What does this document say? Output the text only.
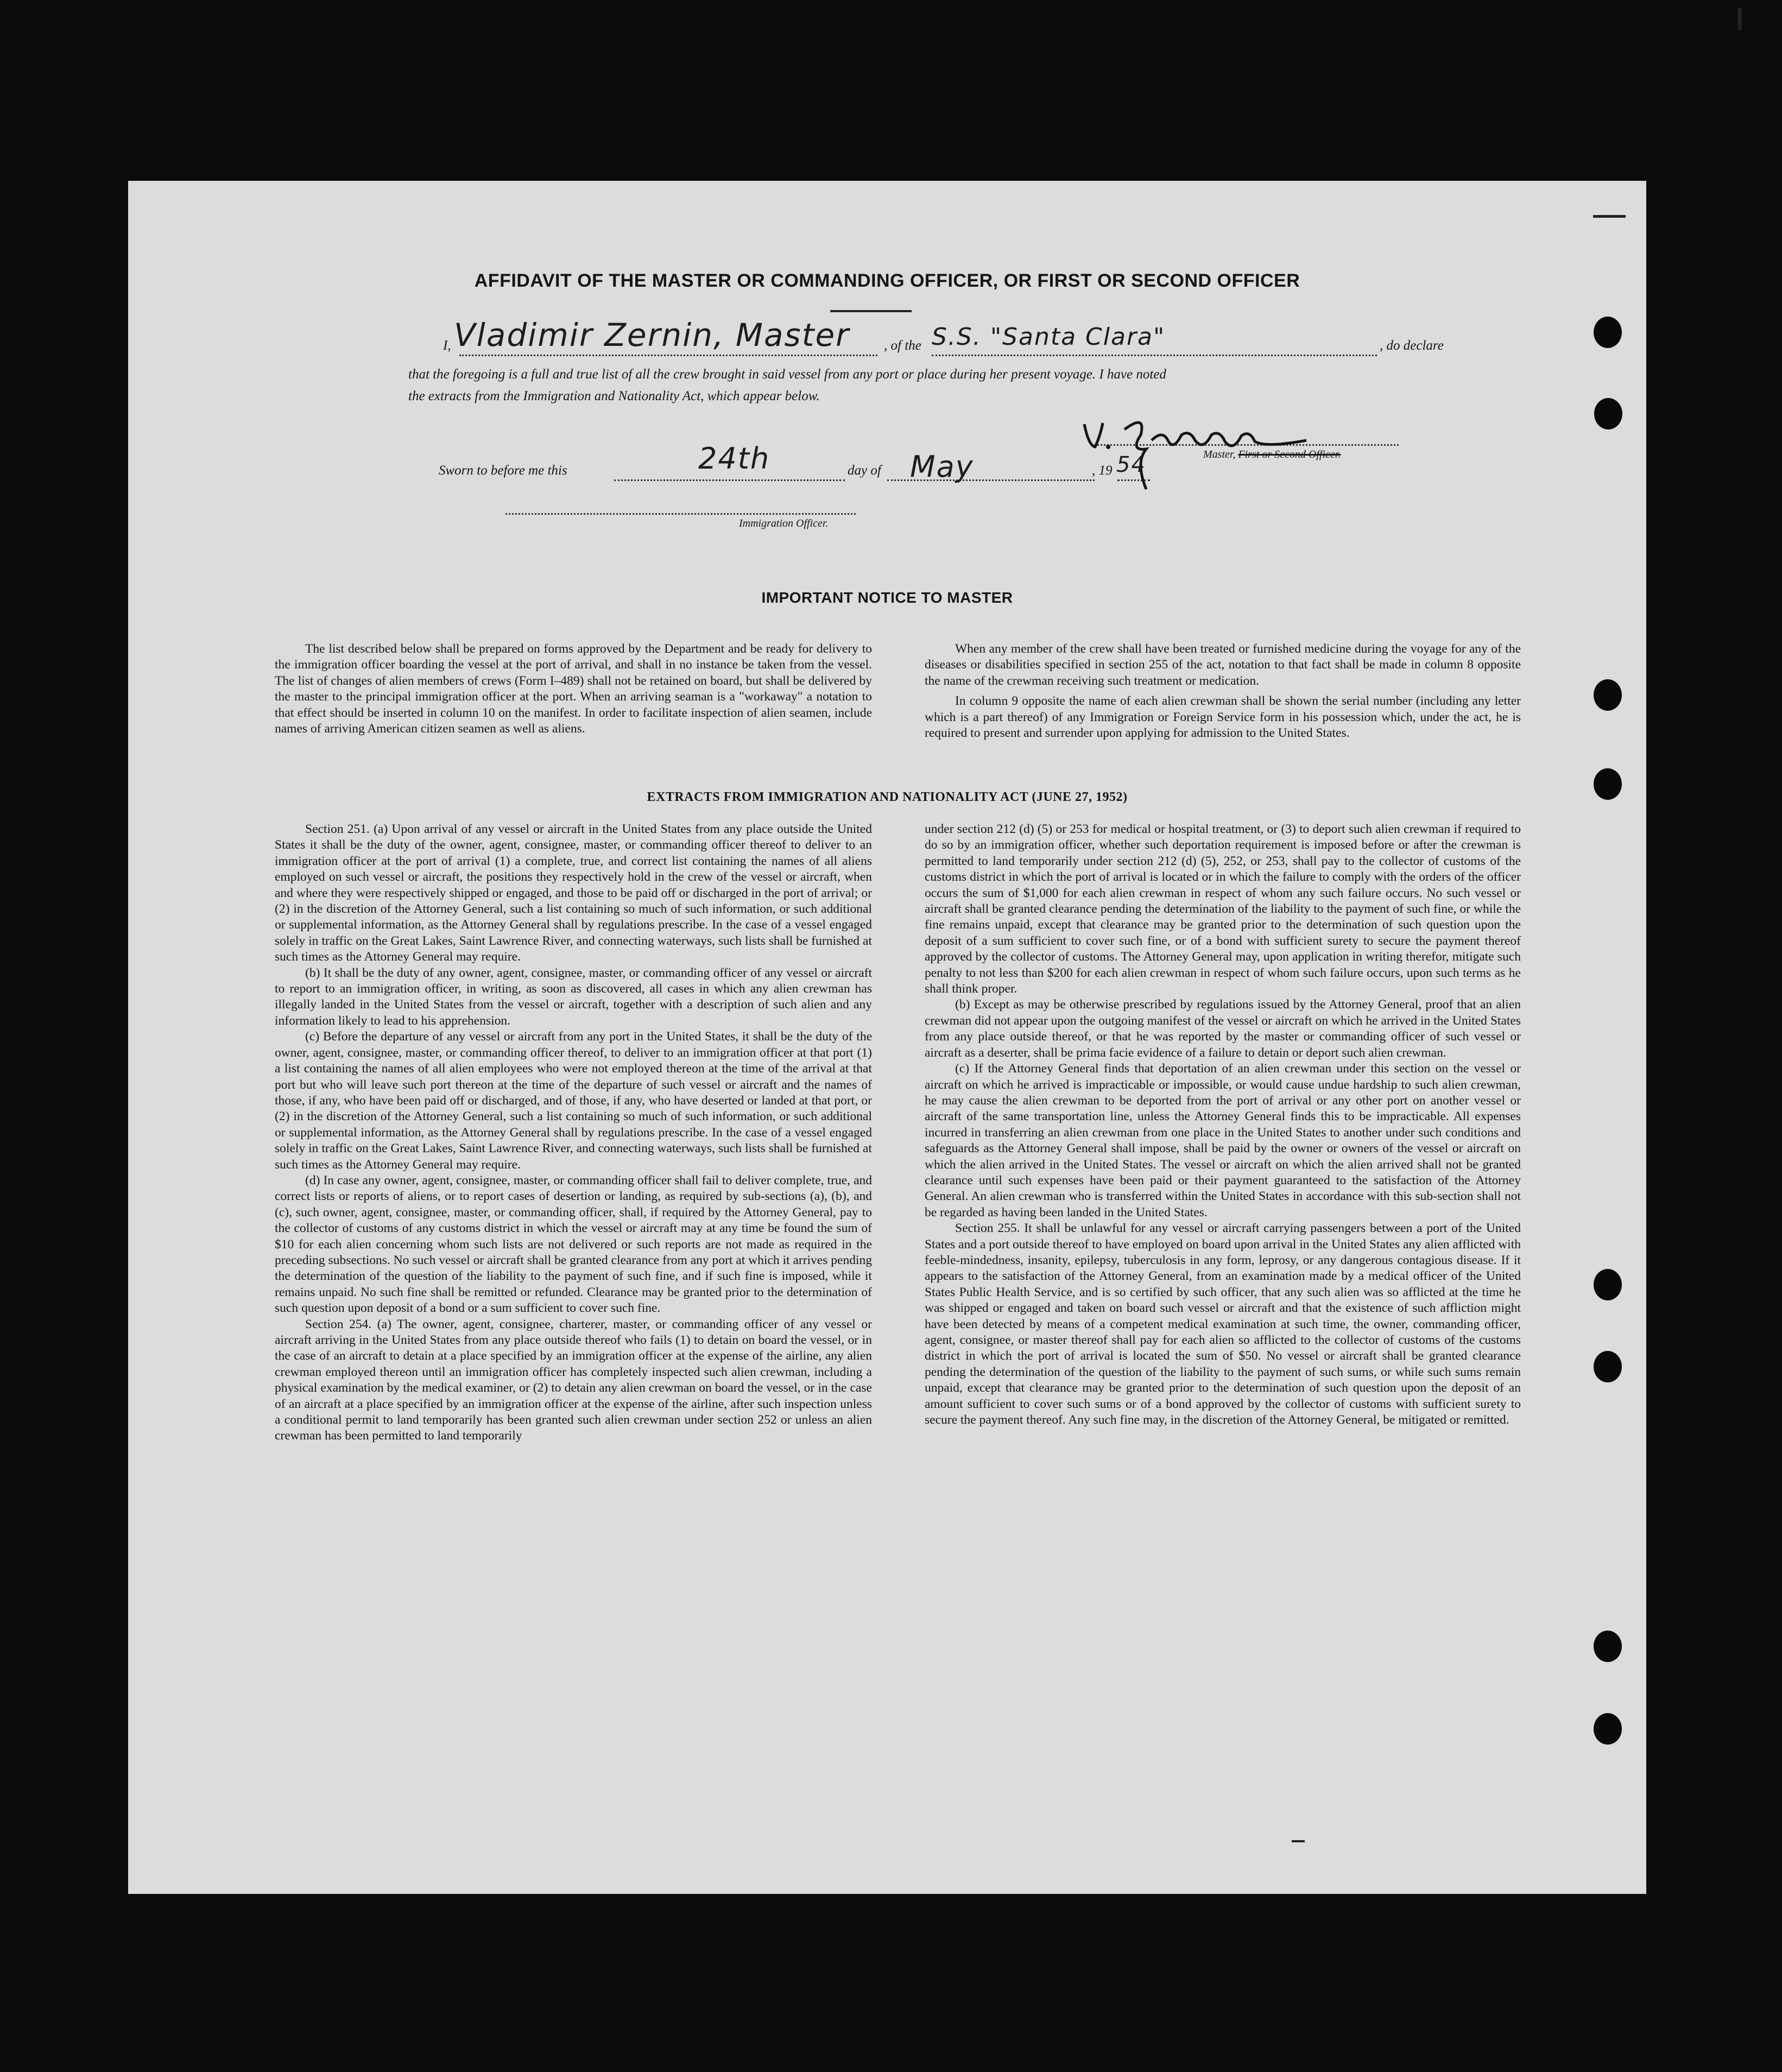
AFFIDAVIT OF THE MASTER OR COMMANDING OFFICER, OR FIRST OR SECOND OFFICER
I,	, of the	, do declare
Vladimir Zernin, Master	S.S. "Santa Clara"
that the foregoing is a full and true list of all the crew brought in said vessel from any port or place during her present voyage. I have noted
the extracts from the Immigration and Nationality Act, which appear below.
Sworn to before me this	24th	day of May	, 19 54	Master, First or Second Officer.
Immigration Officer.
IMPORTANT NOTICE TO MASTER

The list described below shall be prepared on forms approved by the Department and be ready for delivery to the immigration officer boarding the vessel at the port of arrival, and shall in no instance be taken from the vessel. The list of changes of alien members of crews (Form I–489) shall not be retained on board, but shall be delivered by the master to the principal immigration officer at the port. When an arriving seaman is a "workaway" a notation to that effect should be inserted in column 10 on the manifest. In order to facilitate inspection of alien seamen, include names of arriving American citizen seamen as well as aliens.

When any member of the crew shall have been treated or furnished medicine during the voyage for any of the diseases or disabilities specified in section 255 of the act, notation to that fact shall be made in column 8 opposite the name of the crewman receiving such treatment or medication.

In column 9 opposite the name of each alien crewman shall be shown the serial number (including any letter which is a part thereof) of any Immigration or Foreign Service form in his possession which, under the act, he is required to present and surrender upon applying for admission to the United States.

EXTRACTS FROM IMMIGRATION AND NATIONALITY ACT (JUNE 27, 1952)

Section 251. (a) Upon arrival of any vessel or aircraft in the United States from any place outside the United States it shall be the duty of the owner, agent, consignee, master, or commanding officer thereof to deliver to an immigration officer at the port of arrival (1) a complete, true, and correct list containing the names of all aliens employed on such vessel or aircraft, the positions they respectively hold in the crew of the vessel or aircraft, when and where they were respectively shipped or engaged, and those to be paid off or discharged in the port of arrival; or (2) in the discretion of the Attorney General, such a list containing so much of such information, or such additional or supplemental information, as the Attorney General shall by regulations prescribe. In the case of a vessel engaged solely in traffic on the Great Lakes, Saint Lawrence River, and connecting waterways, such lists shall be furnished at such times as the Attorney General may require.

(b) It shall be the duty of any owner, agent, consignee, master, or commanding officer of any vessel or aircraft to report to an immigration officer, in writing, as soon as discovered, all cases in which any alien crewman has illegally landed in the United States from the vessel or aircraft, together with a description of such alien and any information likely to lead to his apprehension.

(c) Before the departure of any vessel or aircraft from any port in the United States, it shall be the duty of the owner, agent, consignee, master, or commanding officer thereof, to deliver to an immigration officer at that port (1) a list containing the names of all alien employees who were not employed thereon at the time of the arrival at that port but who will leave such port thereon at the time of the departure of such vessel or aircraft and the names of those, if any, who have been paid off or discharged, and of those, if any, who have deserted or landed at that port, or (2) in the discretion of the Attorney General, such a list containing so much of such information, or such additional or supplemental information, as the Attorney General shall by regulations prescribe. In the case of a vessel engaged solely in traffic on the Great Lakes, Saint Lawrence River, and connecting waterways, such lists shall be furnished at such times as the Attorney General may require.

(d) In case any owner, agent, consignee, master, or commanding officer shall fail to deliver complete, true, and correct lists or reports of aliens, or to report cases of desertion or landing, as required by sub-sections (a), (b), and (c), such owner, agent, consignee, master, or commanding officer, shall, if required by the Attorney General, pay to the collector of customs of any customs district in which the vessel or aircraft may at any time be found the sum of $10 for each alien concerning whom such lists are not delivered or such reports are not made as required in the preceding subsections. No such vessel or aircraft shall be granted clearance from any port at which it arrives pending the determination of the question of the liability to the payment of such fine, and if such fine is imposed, while it remains unpaid. No such fine shall be remitted or refunded. Clearance may be granted prior to the determination of such question upon deposit of a bond or a sum sufficient to cover such fine.

Section 254. (a) The owner, agent, consignee, charterer, master, or commanding officer of any vessel or aircraft arriving in the United States from any place outside thereof who fails (1) to detain on board the vessel, or in the case of an aircraft to detain at a place specified by an immigration officer at the expense of the airline, any alien crewman employed thereon until an immigration officer has completely inspected such alien crewman, including a physical examination by the medical examiner, or (2) to detain any alien crewman on board the vessel, or in the case of an aircraft at a place specified by an immigration officer at the expense of the airline, after such inspection unless a conditional permit to land temporarily has been granted such alien crewman under section 252 or unless an alien crewman has been permitted to land temporarily

under section 212 (d) (5) or 253 for medical or hospital treatment, or (3) to deport such alien crewman if required to do so by an immigration officer, whether such deportation requirement is imposed before or after the crewman is permitted to land temporarily under section 212 (d) (5), 252, or 253, shall pay to the collector of customs of the customs district in which the port of arrival is located or in which the failure to comply with the orders of the officer occurs the sum of $1,000 for each alien crewman in respect of whom any such failure occurs. No such vessel or aircraft shall be granted clearance pending the determination of the liability to the payment of such fine, or while the fine remains unpaid, except that clearance may be granted prior to the determination of such question upon the deposit of a sum sufficient to cover such fine, or of a bond with sufficient surety to secure the payment thereof approved by the collector of customs. The Attorney General may, upon application in writing therefor, mitigate such penalty to not less than $200 for each alien crewman in respect of whom such failure occurs, upon such terms as he shall think proper.

(b) Except as may be otherwise prescribed by regulations issued by the Attorney General, proof that an alien crewman did not appear upon the outgoing manifest of the vessel or aircraft on which he arrived in the United States from any place outside thereof, or that he was reported by the master or commanding officer of such vessel or aircraft as a deserter, shall be prima facie evidence of a failure to detain or deport such alien crewman.

(c) If the Attorney General finds that deportation of an alien crewman under this section on the vessel or aircraft on which he arrived is impracticable or impossible, or would cause undue hardship to such alien crewman, he may cause the alien crewman to be deported from the port of arrival or any other port on another vessel or aircraft of the same transportation line, unless the Attorney General finds this to be impracticable. All expenses incurred in transferring an alien crewman from one place in the United States to another under such conditions and safeguards as the Attorney General shall impose, shall be paid by the owner or owners of the vessel or aircraft on which the alien arrived in the United States. The vessel or aircraft on which the alien arrived shall not be granted clearance until such expenses have been paid or their payment guaranteed to the satisfaction of the Attorney General. An alien crewman who is transferred within the United States in accordance with this sub-section shall not be regarded as having been landed in the United States.

Section 255. It shall be unlawful for any vessel or aircraft carrying passengers between a port of the United States and a port outside thereof to have employed on board upon arrival in the United States any alien afflicted with feeble-mindedness, insanity, epilepsy, tuberculosis in any form, leprosy, or any dangerous contagious disease. If it appears to the satisfaction of the Attorney General, from an examination made by a medical officer of the United States Public Health Service, and is so certified by such officer, that any such alien was so afflicted at the time he was shipped or engaged and taken on board such vessel or aircraft and that the existence of such affliction might have been detected by means of a competent medical examination at such time, the owner, commanding officer, agent, consignee, or master thereof shall pay for each alien so afflicted to the collector of customs of the customs district in which the port of arrival is located the sum of $50. No vessel or aircraft shall be granted clearance pending the determination of the question of the liability to the payment of such sums, or while such sums remain unpaid, except that clearance may be granted prior to the determination of such question upon the deposit of an amount sufficient to cover such sums or of a bond approved by the collector of customs with sufficient surety to secure the payment thereof. Any such fine may, in the discretion of the Attorney General, be mitigated or remitted.
